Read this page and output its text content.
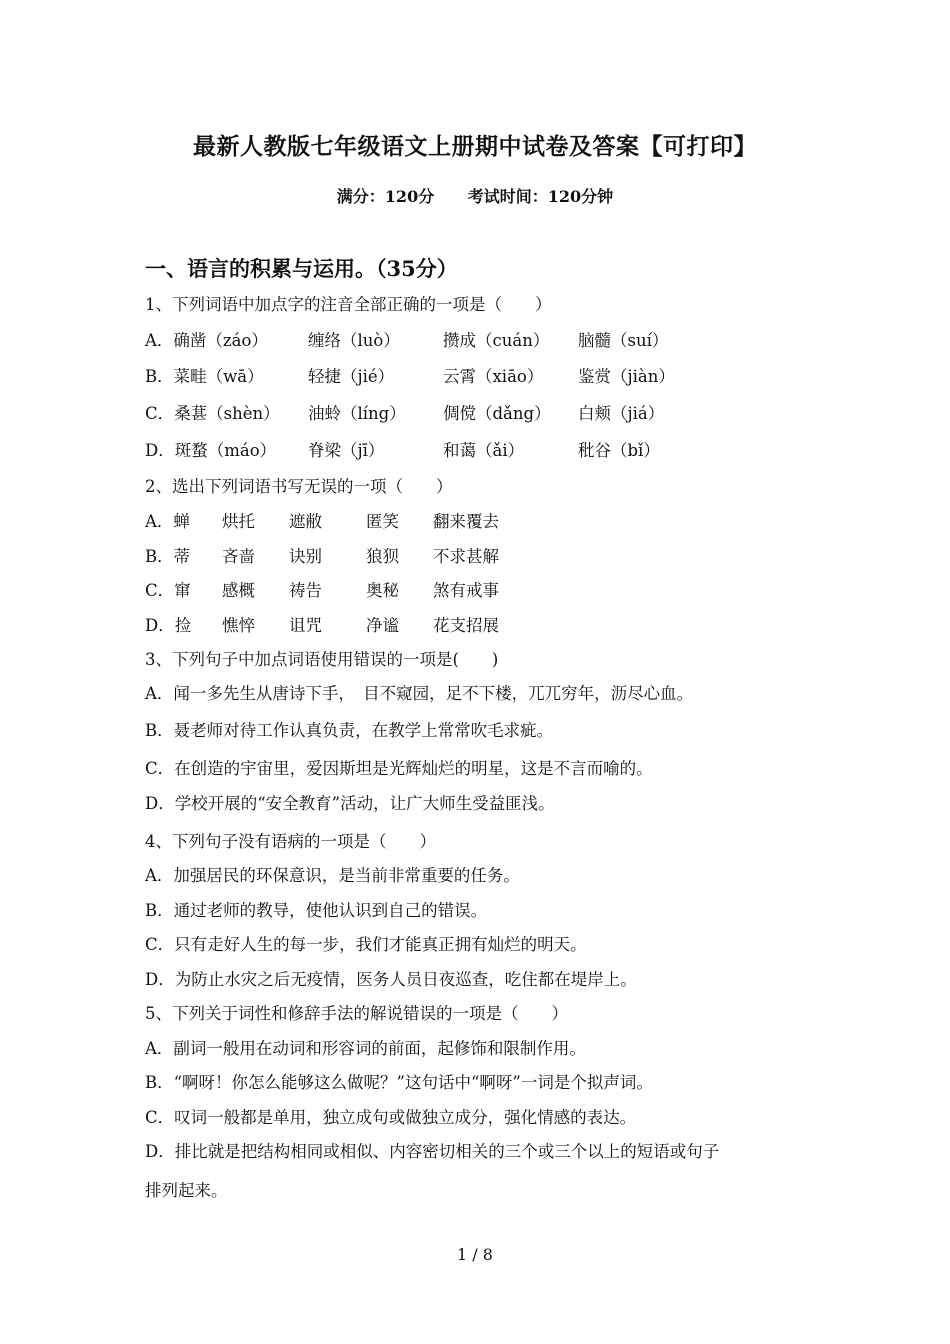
最新人教版七年级语文上册期中试卷及答案【可打印】
满分：120分 考试时间：120分钟
一、语言的积累与运用。（35分）
1、下列词语中加点字的注音全部正确的一项是（　　）
A．确凿（záo） 缠络（luò）	攒成（cuán） 脑髓（suí）
B．菜畦（wā）	轻捷（jié）	云霄（xiāo） 鉴赏（jiàn）
C．桑葚（shèn） 油蛉（líng） 倜傥（dǎng） 白颊（jiá）
D．斑蝥（máo） 脊梁（jī）	和蔼（ǎi）	秕谷（bǐ）
2、选出下列词语书写无误的一项（　　）
A．蝉 烘托 遮敝	匿笑 翻来覆去
B．蒂 吝啬 诀别	狼狈 不求甚解
C．窜 感概 祷告	奥秘 煞有戒事
D．捡 憔悴 诅咒	净谧 花支招展
3、下列句子中加点词语使用错误的一项是(　　)
A．闻一多先生从唐诗下手，　目不窥园，足不下楼，兀兀穷年，沥尽心血。
B．聂老师对待工作认真负责，在教学上常常吹毛求疵。
C．在创造的宇宙里，爱因斯坦是光辉灿烂的明星，这是不言而喻的。
D．学校开展的“安全教育”活动，让广大师生受益匪浅。
4、下列句子没有语病的一项是（　　）
A．加强居民的环保意识，是当前非常重要的任务。
B．通过老师的教导，使他认识到自己的错误。
C．只有走好人生的每一步，我们才能真正拥有灿烂的明天。
D．为防止水灾之后无疫情，医务人员日夜巡查，吃住都在堤岸上。
5、下列关于词性和修辞手法的解说错误的一项是（　　）
A．副词一般用在动词和形容词的前面，起修饰和限制作用。
B．“啊呀！你怎么能够这么做呢？”这句话中“啊呀”一词是个拟声词。
C．叹词一般都是单用，独立成句或做独立成分，强化情感的表达。
D．排比就是把结构相同或相似、内容密切相关的三个或三个以上的短语或句子
排列起来。
1 / 8
